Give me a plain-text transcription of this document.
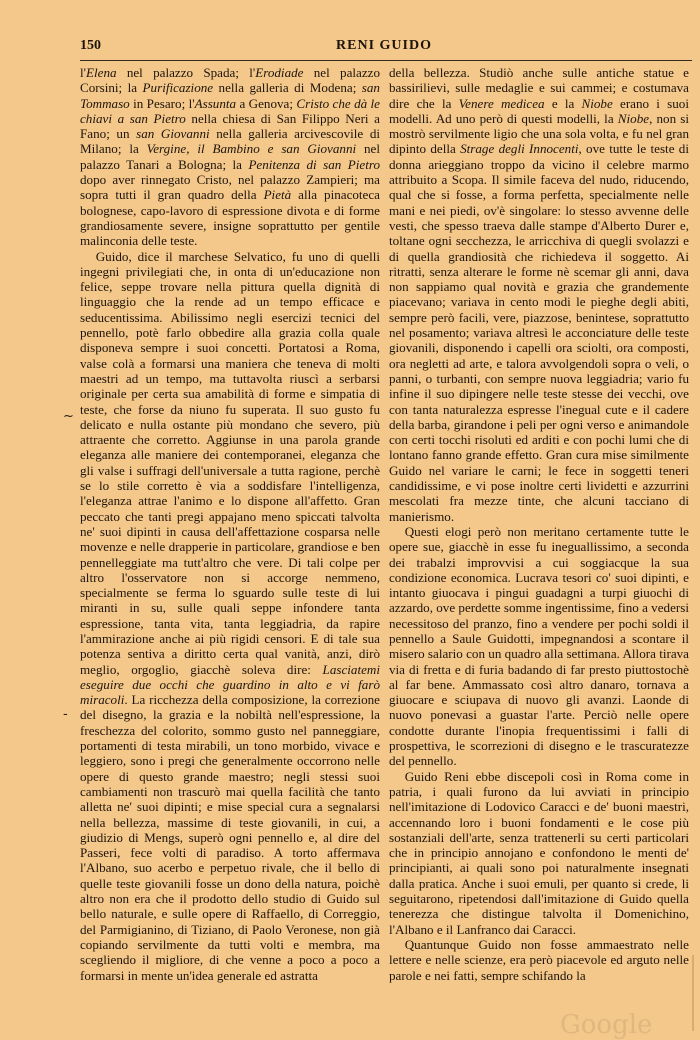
150	RENI GUIDO
~
-

l'Elena nel palazzo Spada; l'Erodiade nel palazzo Corsini; la Purificazione nella galleria di Modena; san Tommaso in Pesaro; l'Assunta a Genova; Cristo che dà le chiavi a san Pietro nella chiesa di San Filippo Neri a Fano; un san Giovanni nella galleria arcivescovile di Milano; la Vergine, il Bambino e san Giovanni nel palazzo Tanari a Bologna; la Penitenza di san Pietro dopo aver rinnegato Cristo, nel palazzo Zampieri; ma sopra tutti il gran quadro della Pietà alla pinacoteca bolognese, capo-lavoro di espressione divota e di forme grandiosamente severe, insigne soprattutto per gentile malinconia delle teste.

Guido, dice il marchese Selvatico, fu uno di quelli ingegni privilegiati che, in onta di un'educazione non felice, seppe trovare nella pittura quella dignità di linguaggio che la rende ad un tempo efficace e seducentissima. Abilissimo negli esercizi tecnici del pennello, potè farlo obbedire alla grazia colla quale disponeva sempre i suoi concetti. Portatosi a Roma, valse colà a formarsi una maniera che teneva di molti maestri ad un tempo, ma tuttavolta riuscì a serbarsi originale per certa sua amabilità di forme e simpatia di teste, che forse da niuno fu superata. Il suo gusto fu delicato e nulla ostante più mondano che severo, più attraente che corretto. Aggiunse in una parola grande eleganza alle maniere dei contemporanei, eleganza che gli valse i suffragi dell'universale a tutta ragione, perchè se lo stile corretto è via a soddisfare l'intelligenza, l'eleganza attrae l'animo e lo dispone all'affetto. Gran peccato che tanti pregi appajano meno spiccati talvolta ne' suoi dipinti in causa dell'affettazione cosparsa nelle movenze e nelle drapperie in particolare, grandiose e ben pennelleggiate ma tutt'altro che vere. Di tali colpe per altro l'osservatore non si accorge nemmeno, specialmente se ferma lo sguardo sulle teste di lui miranti in su, sulle quali seppe infondere tanta espressione, tanta vita, tanta leggiadria, da rapire l'ammirazione anche ai più rigidi censori. E di tale sua potenza sentiva a diritto certa qual vanità, anzi, dirò meglio, orgoglio, giacchè soleva dire: Lasciatemi eseguire due occhi che guardino in alto e vi farò miracoli. La ricchezza della composizione, la correzione del disegno, la grazia e la nobiltà nell'espressione, la freschezza del colorito, sommo gusto nel panneggiare, portamenti di testa mirabili, un tono morbido, vivace e leggiero, sono i pregi che generalmente occorrono nelle opere di questo grande maestro; negli stessi suoi cambiamenti non trascurò mai quella facilità che tanto alletta ne' suoi dipinti; e mise special cura a segnalarsi nella bellezza, massime di teste giovanili, in cui, a giudizio di Mengs, superò ogni pennello e, al dire del Passeri, fece volti di paradiso. A torto affermava l'Albano, suo acerbo e perpetuo rivale, che il bello di quelle teste giovanili fosse un dono della natura, poichè altro non era che il prodotto dello studio di Guido sul bello naturale, e sulle opere di Raffaello, di Correggio, del Parmigianino, di Tiziano, di Paolo Veronese, non già copiando servilmente da tutti volti e membra, ma scegliendo il migliore, di che venne a poco a poco a formarsi in mente un'idea generale ed astratta

della bellezza. Studiò anche sulle antiche statue e bassirilievi, sulle medaglie e sui cammei; e costumava dire che la Venere medicea e la Niobe erano i suoi modelli. Ad uno però di questi modelli, la Niobe, non si mostrò servilmente ligio che una sola volta, e fu nel gran dipinto della Strage degli Innocenti, ove tutte le teste di donna arieggiano troppo da vicino il celebre marmo attribuito a Scopa. Il simile faceva del nudo, riducendo, qual che si fosse, a forma perfetta, specialmente nelle mani e nei piedi, ov'è singolare: lo stesso avvenne delle vesti, che spesso traeva dalle stampe d'Alberto Durer e, toltane ogni secchezza, le arricchiva di quegli svolazzi e di quella grandiosità che richiedeva il soggetto. Ai ritratti, senza alterare le forme nè scemar gli anni, dava non sappiamo qual novità e grazia che grandemente piacevano; variava in cento modi le pieghe degli abiti, sempre però facili, vere, piazzose, benintese, soprattutto nel posamento; variava altresì le acconciature delle teste giovanili, disponendo i capelli ora sciolti, ora composti, ora negletti ad arte, e talora avvolgendoli sopra o veli, o panni, o turbanti, con sempre nuova leggiadria; vario fu infine il suo dipingere nelle teste stesse dei vecchi, ove con tanta naturalezza espresse l'inegual cute e il cadere della barba, girandone i peli per ogni verso e animandole con certi tocchi risoluti ed arditi e con pochi lumi che di lontano fanno grande effetto. Gran cura mise similmente Guido nel variare le carni; le fece in soggetti teneri candidissime, e vi pose inoltre certi lividetti e azzurrini mescolati fra mezze tinte, che alcuni tacciano di manierismo.

Questi elogi però non meritano certamente tutte le opere sue, giacchè in esse fu ineguallissimo, a seconda dei trabalzi improvvisi a cui soggiacque la sua condizione economica. Lucrava tesori co' suoi dipinti, e intanto giuocava i pingui guadagni a turpi giuochi di azzardo, ove perdette somme ingentissime, fino a vedersi necessitoso del pranzo, fino a vendere per pochi soldi il pennello a Saule Guidotti, impegnandosi a scontare il misero salario con un quadro alla settimana. Allora tirava via di fretta e di furia badando di far presto piuttostochè al far bene. Ammassato così altro danaro, tornava a giuocare e sciupava di nuovo gli avanzi. Laonde di nuovo ponevasi a guastar l'arte. Perciò nelle opere condotte durante l'inopia frequentissimi i falli di prospettiva, le scorrezioni di disegno e le trascuratezze del pennello.

Guido Reni ebbe discepoli così in Roma come in patria, i quali furono da lui avviati in principio nell'imitazione di Lodovico Caracci e de' buoni maestri, accennando loro i buoni fondamenti e le cose più sostanziali dell'arte, senza trattenerli su certi particolari che in principio annojano e confondono le menti de' principianti, ai quali sono poi naturalmente insegnati dalla pratica. Anche i suoi emuli, per quanto si crede, li seguitarono, ripetendosi dall'imitazione di Guido quella tenerezza che distingue talvolta il Domenichino, l'Albano e il Lanfranco dai Caracci.

Quantunque Guido non fosse ammaestrato nelle lettere e nelle scienze, era però piacevole ed arguto nelle parole e nei fatti, sempre schifando la

Google
